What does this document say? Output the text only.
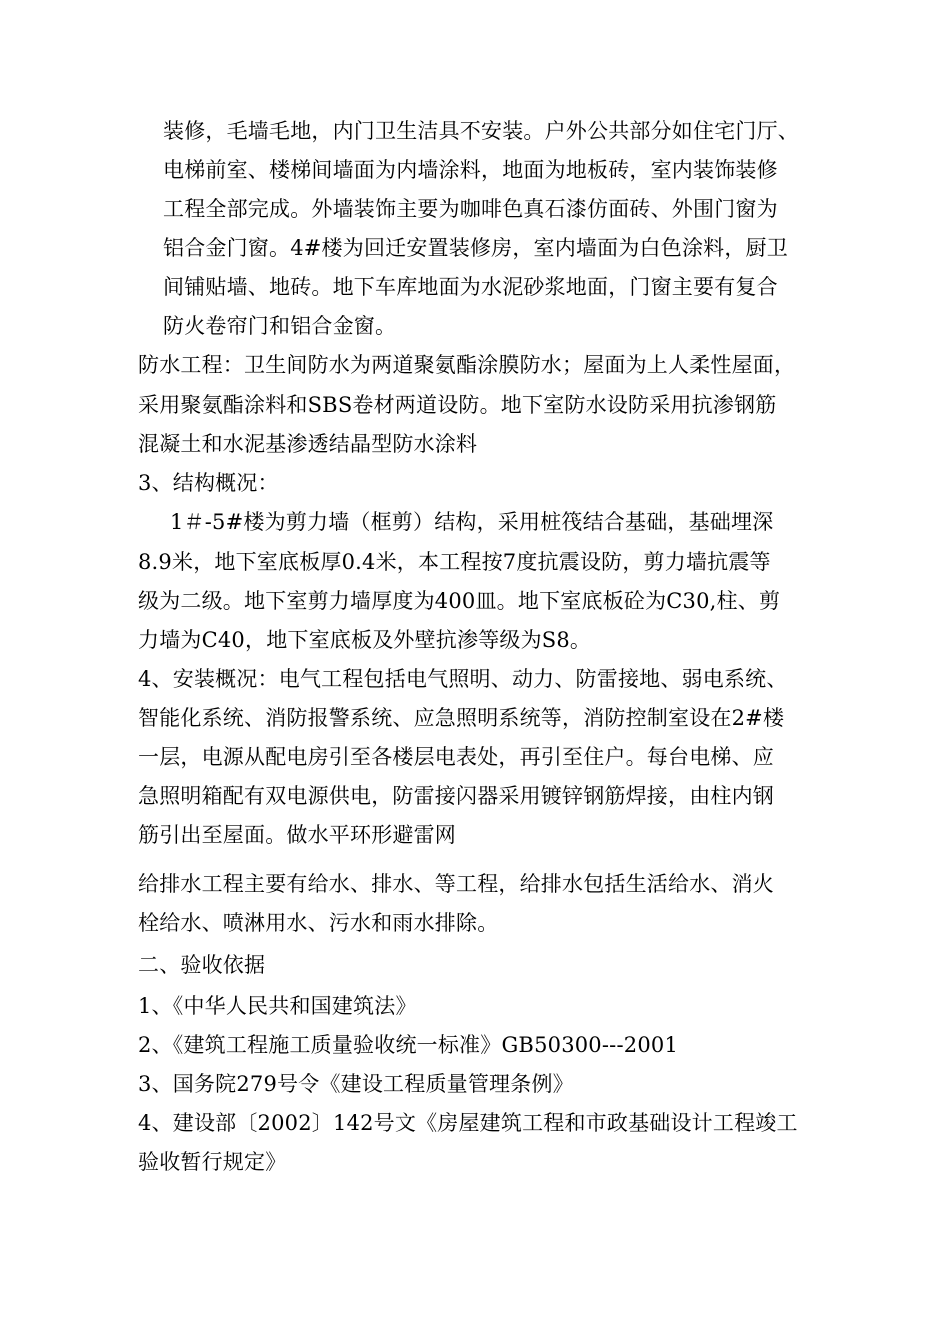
装修，毛墙毛地，内门卫生洁具不安装。户外公共部分如住宅门厅、
电梯前室、楼梯间墙面为内墙涂料，地面为地板砖，室内装饰装修
工程全部完成。外墙装饰主要为咖啡色真石漆仿面砖、外围门窗为
铝合金门窗。4#楼为回迁安置装修房，室内墙面为白色涂料，厨卫
间铺贴墙、地砖。地下车库地面为水泥砂浆地面，门窗主要有复合
防火卷帘门和铝合金窗。
防水工程：卫生间防水为两道聚氨酯涂膜防水；屋面为上人柔性屋面，
采用聚氨酯涂料和SBS卷材两道设防。地下室防水设防采用抗渗钢筋
混凝土和水泥基渗透结晶型防水涂料
3、结构概况：
1＃-5#楼为剪力墙（框剪）结构，采用桩筏结合基础，基础埋深
8.9米，地下室底板厚0.4米，本工程按7度抗震设防，剪力墙抗震等
级为二级。地下室剪力墙厚度为400皿。地下室底板砼为C30,柱、剪
力墙为C40，地下室底板及外壁抗渗等级为S8。
4、安装概况：电气工程包括电气照明、动力、防雷接地、弱电系统、
智能化系统、消防报警系统、应急照明系统等，消防控制室设在2#楼
一层，电源从配电房引至各楼层电表处，再引至住户。每台电梯、应
急照明箱配有双电源供电，防雷接闪器采用镀锌钢筋焊接，由柱内钢
筋引出至屋面。做水平环形避雷网
给排水工程主要有给水、排水、等工程，给排水包括生活给水、消火
栓给水、喷淋用水、污水和雨水排除。
二、验收依据
1、《中华人民共和国建筑法》
2、《建筑工程施工质量验收统一标准》GB50300---2001
3、国务院279号令《建设工程质量管理条例》
4、建设部〔2002〕142号文《房屋建筑工程和市政基础设计工程竣工
验收暂行规定》
